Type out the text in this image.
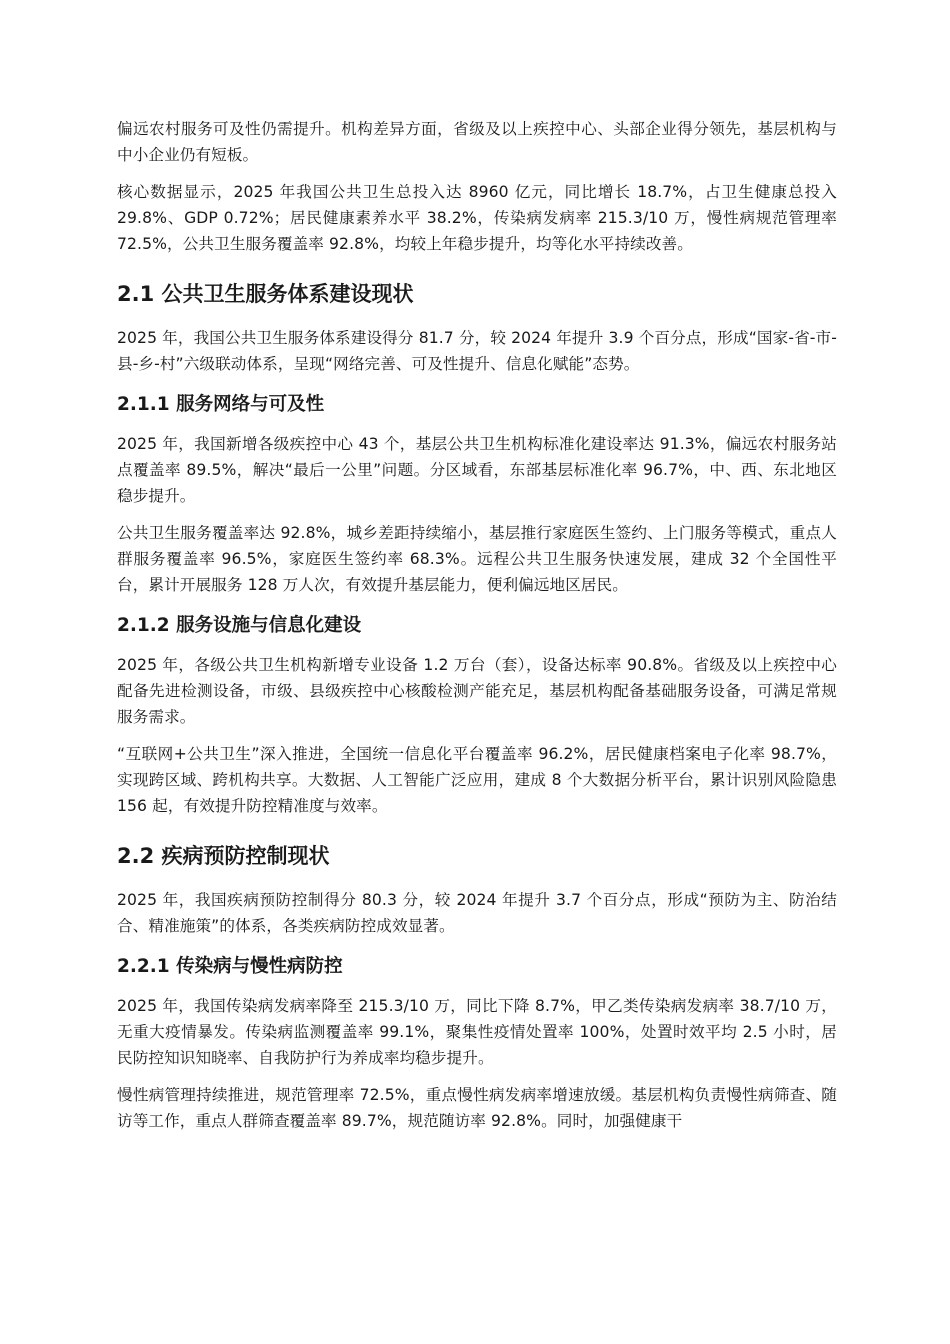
偏远农村服务可及性仍需提升。机构差异方面，省级及以上疾控中心、头部企业得分领先，基层机构与中小企业仍有短板。

核心数据显示，2025 年我国公共卫生总投入达 8960 亿元，同比增长 18.7%，占卫生健康总投入 29.8%、GDP 0.72%；居民健康素养水平 38.2%，传染病发病率 215.3/10 万，慢性病规范管理率 72.5%，公共卫生服务覆盖率 92.8%，均较上年稳步提升，均等化水平持续改善。

2.1 公共卫生服务体系建设现状

2025 年，我国公共卫生服务体系建设得分 81.7 分，较 2024 年提升 3.9 个百分点，形成“国家-省-市-县-乡-村”六级联动体系，呈现“网络完善、可及性提升、信息化赋能”态势。

2.1.1 服务网络与可及性

2025 年，我国新增各级疾控中心 43 个，基层公共卫生机构标准化建设率达 91.3%，偏远农村服务站点覆盖率 89.5%，解决“最后一公里”问题。分区域看，东部基层标准化率 96.7%，中、西、东北地区稳步提升。

公共卫生服务覆盖率达 92.8%，城乡差距持续缩小，基层推行家庭医生签约、上门服务等模式，重点人群服务覆盖率 96.5%，家庭医生签约率 68.3%。远程公共卫生服务快速发展，建成 32 个全国性平台，累计开展服务 128 万人次，有效提升基层能力，便利偏远地区居民。

2.1.2 服务设施与信息化建设

2025 年，各级公共卫生机构新增专业设备 1.2 万台（套），设备达标率 90.8%。省级及以上疾控中心配备先进检测设备，市级、县级疾控中心核酸检测产能充足，基层机构配备基础服务设备，可满足常规服务需求。

“互联网+公共卫生”深入推进，全国统一信息化平台覆盖率 96.2%，居民健康档案电子化率 98.7%，实现跨区域、跨机构共享。大数据、人工智能广泛应用，建成 8 个大数据分析平台，累计识别风险隐患 156 起，有效提升防控精准度与效率。

2.2 疾病预防控制现状

2025 年，我国疾病预防控制得分 80.3 分，较 2024 年提升 3.7 个百分点，形成“预防为主、防治结合、精准施策”的体系，各类疾病防控成效显著。

2.2.1 传染病与慢性病防控

2025 年，我国传染病发病率降至 215.3/10 万，同比下降 8.7%，甲乙类传染病发病率 38.7/10 万，无重大疫情暴发。传染病监测覆盖率 99.1%，聚集性疫情处置率 100%，处置时效平均 2.5 小时，居民防控知识知晓率、自我防护行为养成率均稳步提升。

慢性病管理持续推进，规范管理率 72.5%，重点慢性病发病率增速放缓。基层机构负责慢性病筛查、随访等工作，重点人群筛查覆盖率 89.7%，规范随访率 92.8%。同时，加强健康干
